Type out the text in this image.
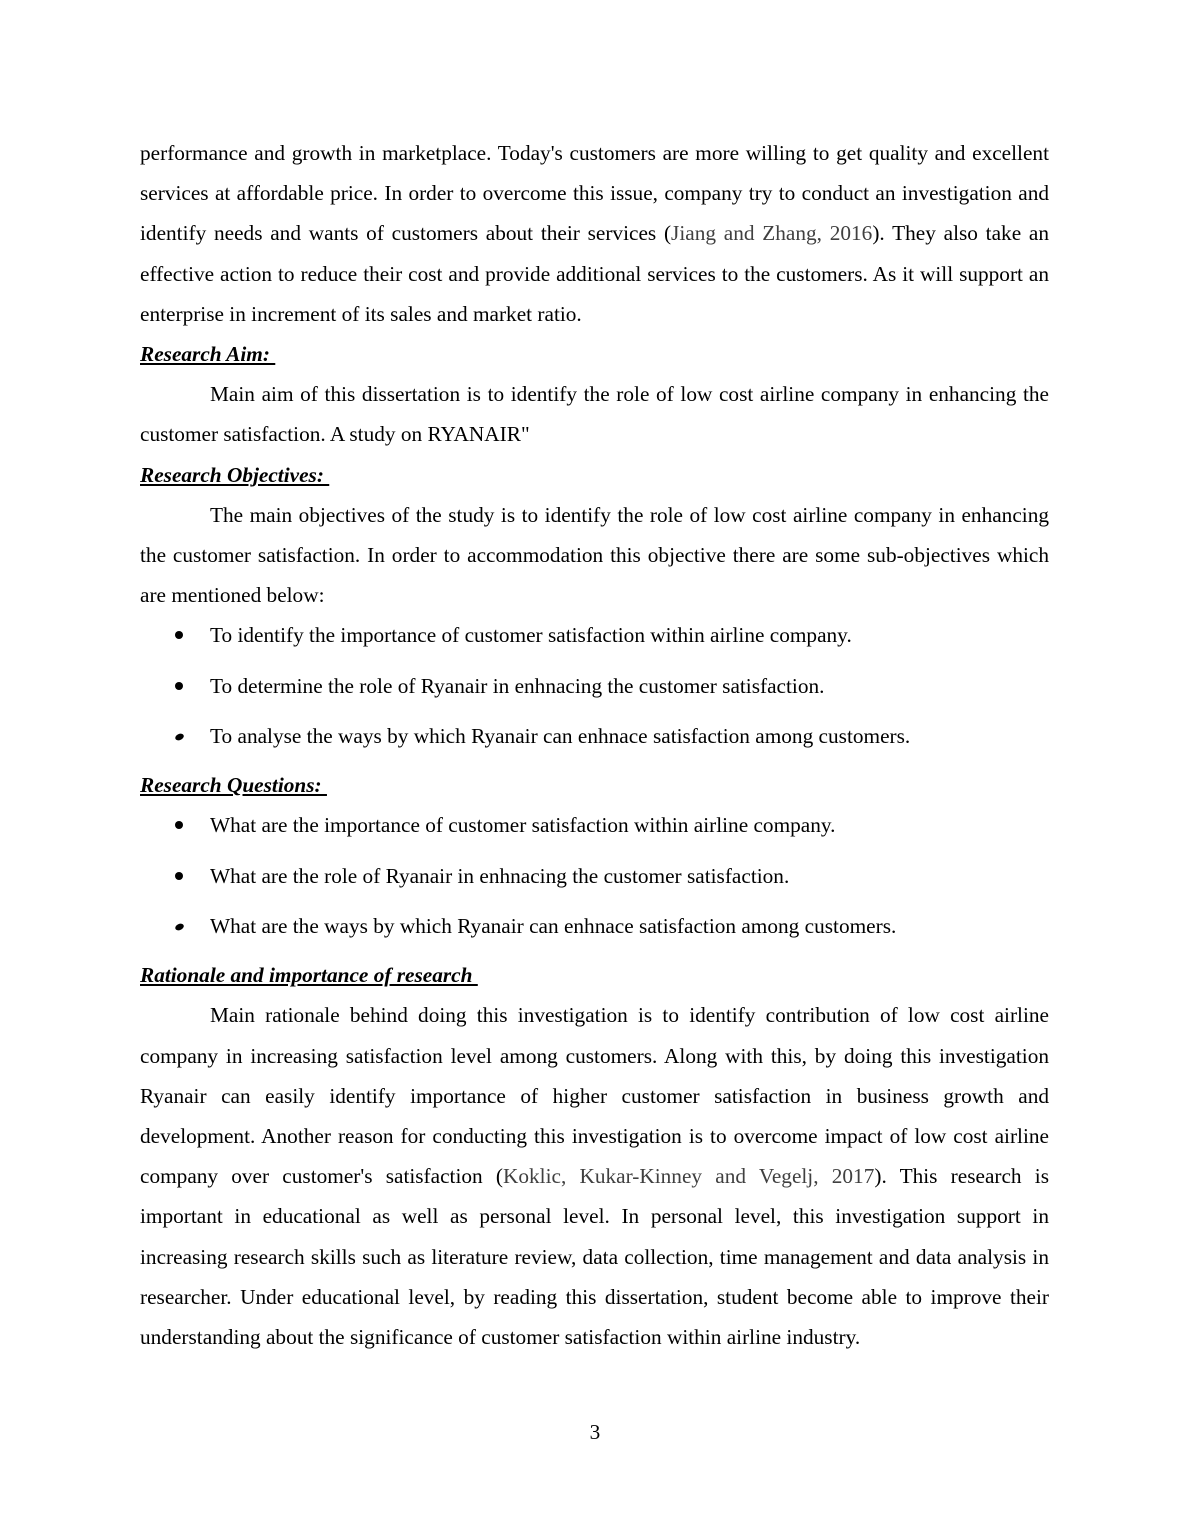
performance and growth in marketplace. Today's customers are more willing to get quality and excellent services at affordable price. In order to overcome this issue, company try to conduct an investigation and identify needs and wants of customers about their services (Jiang and Zhang, 2016). They also take an effective action to reduce their cost and provide additional services to the customers. As it will support an enterprise in increment of its sales and market ratio.

Research Aim:

Main aim of this dissertation is to identify the role of low cost airline company in enhancing the customer satisfaction. A study on RYANAIR"

Research Objectives:

The main objectives of the study is to identify the role of low cost airline company in enhancing the customer satisfaction. In order to accommodation this objective there are some sub-objectives which are mentioned below:

To identify the importance of customer satisfaction within airline company.
To determine the role of Ryanair in enhnacing the customer satisfaction.
To analyse the ways by which Ryanair can enhnace satisfaction among customers.

Research Questions:

What are the importance of customer satisfaction within airline company.
What are the role of Ryanair in enhnacing the customer satisfaction.
What are the ways by which Ryanair can enhnace satisfaction among customers.

Rationale and importance of research

Main rationale behind doing this investigation is to identify contribution of low cost airline company in increasing satisfaction level among customers. Along with this, by doing this investigation Ryanair can easily identify importance of higher customer satisfaction in business growth and development. Another reason for conducting this investigation is to overcome impact of low cost airline company over customer's satisfaction (Koklic, Kukar-Kinney and Vegelj, 2017). This research is important in educational as well as personal level. In personal level, this investigation support in increasing research skills such as literature review, data collection, time management and data analysis in researcher. Under educational level, by reading this dissertation, student become able to improve their understanding about the significance of customer satisfaction within airline industry.

3
